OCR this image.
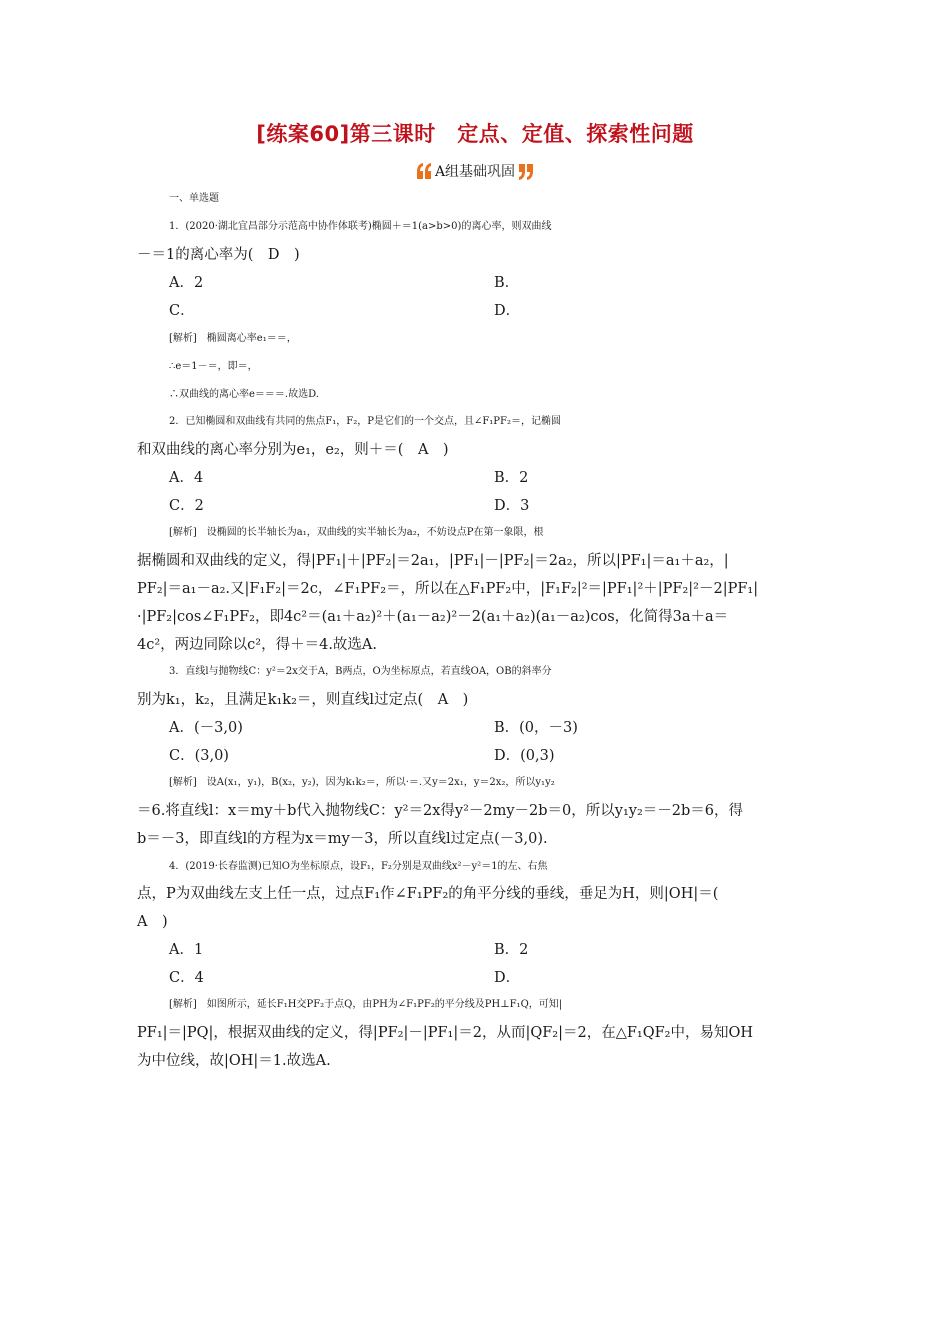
[练案60]第三课时　定点、定值、探索性问题
A组基础巩固
一、单选题
1．(2020·湖北宜昌部分示范高中协作体联考)椭圆＋＝1(a>b>0)的离心率，则双曲线
－＝1的离心率为(　D　)
A．2	B．
C．	D．
[解析]　椭圆离心率e₁＝＝，
∴e＝1－＝，即＝，
∴双曲线的离心率e＝＝＝.故选D.
2．已知椭圆和双曲线有共同的焦点F₁，F₂，P是它们的一个交点，且∠F₁PF₂＝，记椭圆
和双曲线的离心率分别为e₁，e₂，则＋＝(　A　)
A．4	B．2
C．2	D．3
[解析]　设椭圆的长半轴长为a₁，双曲线的实半轴长为a₂，不妨设点P在第一象限，根
据椭圆和双曲线的定义，得|PF₁|＋|PF₂|＝2a₁，|PF₁|－|PF₂|＝2a₂，所以|PF₁|＝a₁＋a₂，|
PF₂|＝a₁－a₂.又|F₁F₂|＝2c，∠F₁PF₂＝，所以在△F₁PF₂中，|F₁F₂|²＝|PF₁|²＋|PF₂|²－2|PF₁|
·|PF₂|cos∠F₁PF₂，即4c²＝(a₁＋a₂)²＋(a₁－a₂)²－2(a₁＋a₂)(a₁－a₂)cos，化简得3a＋a＝
4c²，两边同除以c²，得＋＝4.故选A.
3．直线l与抛物线C：y²＝2x交于A，B两点，O为坐标原点，若直线OA，OB的斜率分
别为k₁，k₂，且满足k₁k₂＝，则直线l过定点(　A　)
A．(－3,0)	B．(0，－3)
C．(3,0)	D．(0,3)
[解析]　设A(x₁，y₁)，B(x₂，y₂)，因为k₁k₂＝，所以·＝.又y＝2x₁，y＝2x₂，所以y₁y₂
＝6.将直线l：x＝my＋b代入抛物线C：y²＝2x得y²－2my－2b＝0，所以y₁y₂＝－2b＝6，得
b＝－3，即直线l的方程为x＝my－3，所以直线l过定点(－3,0).
4．(2019·长春监测)已知O为坐标原点，设F₁，F₂分别是双曲线x²－y²＝1的左、右焦
点，P为双曲线左支上任一点，过点F₁作∠F₁PF₂的角平分线的垂线，垂足为H，则|OH|＝(
A　)
A．1	B．2
C．4	D．
[解析]　如图所示，延长F₁H交PF₂于点Q，由PH为∠F₁PF₂的平分线及PH⊥F₁Q，可知|
PF₁|＝|PQ|，根据双曲线的定义，得|PF₂|－|PF₁|＝2，从而|QF₂|＝2，在△F₁QF₂中，易知OH
为中位线，故|OH|＝1.故选A.
